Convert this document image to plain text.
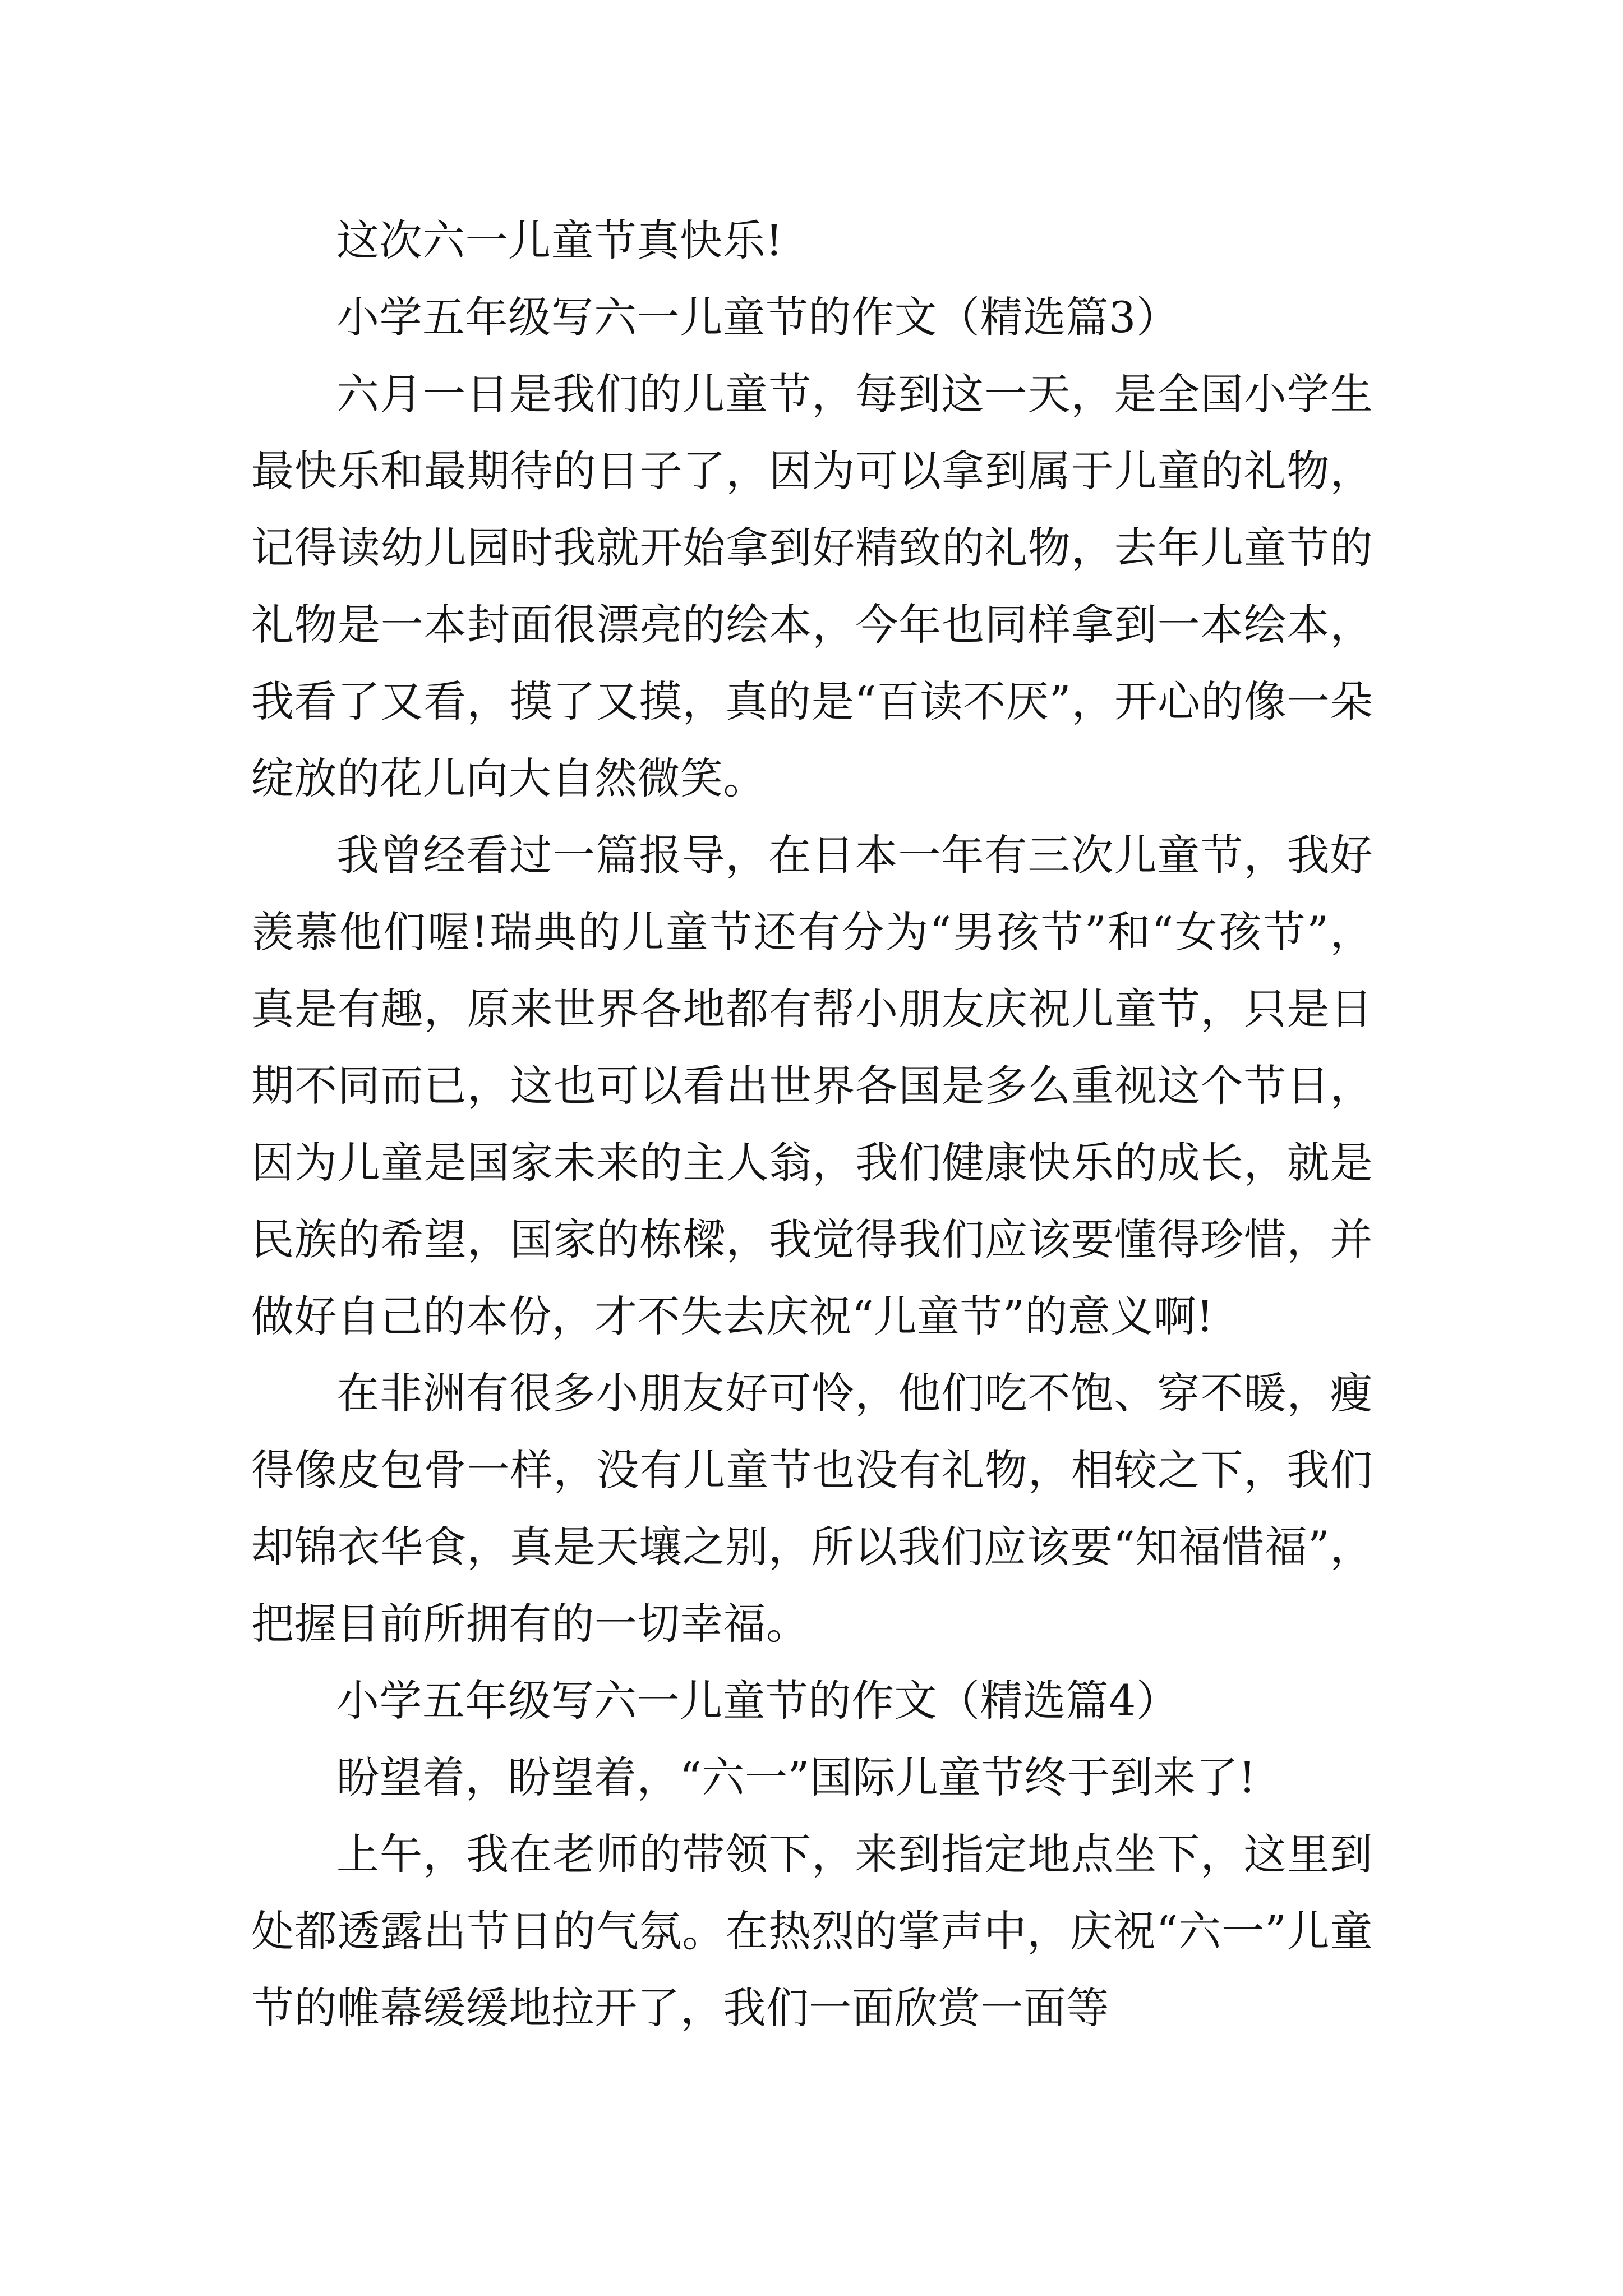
这次六一儿童节真快乐!

小学五年级写六一儿童节的作文（精选篇3）

六月一日是我们的儿童节，每到这一天，是全国小学生最快乐和最期待的日子了，因为可以拿到属于儿童的礼物，记得读幼儿园时我就开始拿到好精致的礼物，去年儿童节的礼物是一本封面很漂亮的绘本，今年也同样拿到一本绘本，我看了又看，摸了又摸，真的是“百读不厌”，开心的像一朵绽放的花儿向大自然微笑。

我曾经看过一篇报导，在日本一年有三次儿童节，我好羡慕他们喔!瑞典的儿童节还有分为“男孩节”和“女孩节”，真是有趣，原来世界各地都有帮小朋友庆祝儿童节，只是日期不同而已，这也可以看出世界各国是多么重视这个节日，因为儿童是国家未来的主人翁，我们健康快乐的成长，就是民族的希望，国家的栋樑，我觉得我们应该要懂得珍惜，并做好自己的本份，才不失去庆祝“儿童节”的意义啊!

在非洲有很多小朋友好可怜，他们吃不饱、穿不暖，瘦得像皮包骨一样，没有儿童节也没有礼物，相较之下，我们却锦衣华食，真是天壤之别，所以我们应该要“知福惜福”，把握目前所拥有的一切幸福。

小学五年级写六一儿童节的作文（精选篇4）

盼望着，盼望着，“六一”国际儿童节终于到来了!

上午，我在老师的带领下，来到指定地点坐下，这里到处都透露出节日的气氛。在热烈的掌声中，庆祝“六一”儿童节的帷幕缓缓地拉开了，我们一面欣赏一面等
